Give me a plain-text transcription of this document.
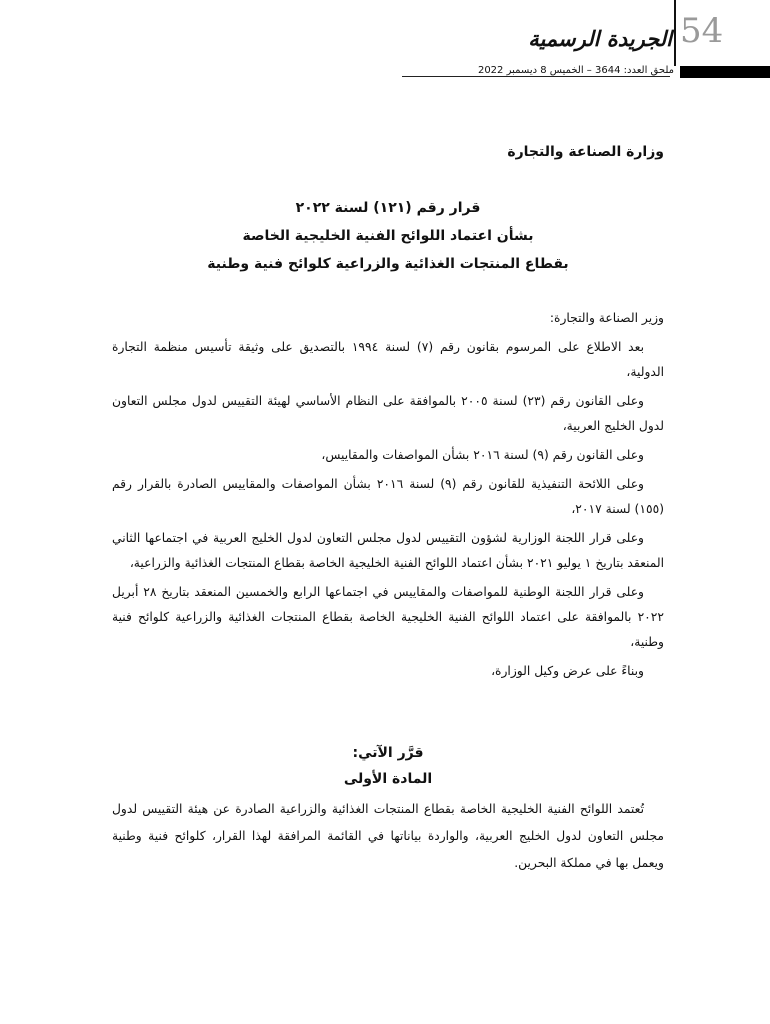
الجريدة الرسمية 54
ملحق العدد: 3644 – الخميس 8 ديسمبر 2022
وزارة الصناعة والتجارة
قرار رقم (١٢١) لسنة ٢٠٢٢
بشأن اعتماد اللوائح الفنية الخليجية الخاصة
بقطاع المنتجات الغذائية والزراعية كلوائح فنية وطنية

وزير الصناعة والتجارة:

بعد الاطلاع على المرسوم بقانون رقم (٧) لسنة ١٩٩٤ بالتصديق على وثيقة تأسيس منظمة التجارة الدولية،

وعلى القانون رقم (٢٣) لسنة ٢٠٠٥ بالموافقة على النظام الأساسي لهيئة التقييس لدول مجلس التعاون لدول الخليج العربية،

وعلى القانون رقم (٩) لسنة ٢٠١٦ بشأن المواصفات والمقاييس،

وعلى اللائحة التنفيذية للقانون رقم (٩) لسنة ٢٠١٦ بشأن المواصفات والمقاييس الصادرة بالقرار رقم (١٥٥) لسنة ٢٠١٧،

وعلى قرار اللجنة الوزارية لشؤون التقييس لدول مجلس التعاون لدول الخليج العربية في اجتماعها الثاني المنعقد بتاريخ ١ يوليو ٢٠٢١ بشأن اعتماد اللوائح الفنية الخليجية الخاصة بقطاع المنتجات الغذائية والزراعية،

وعلى قرار اللجنة الوطنية للمواصفات والمقاييس في اجتماعها الرابع والخمسين المنعقد بتاريخ ٢٨ أبريل ٢٠٢٢ بالموافقة على اعتماد اللوائح الفنية الخليجية الخاصة بقطاع المنتجات الغذائية والزراعية كلوائح فنية وطنية،

وبناءً على عرض وكيل الوزارة،

قرَّر الآتي:
المادة الأولى
تُعتمد اللوائح الفنية الخليجية الخاصة بقطاع المنتجات الغذائية والزراعية الصادرة عن هيئة التقييس لدول مجلس التعاون لدول الخليج العربية، والواردة بياناتها في القائمة المرافقة لهذا القرار، كلوائح فنية وطنية ويعمل بها في مملكة البحرين.
